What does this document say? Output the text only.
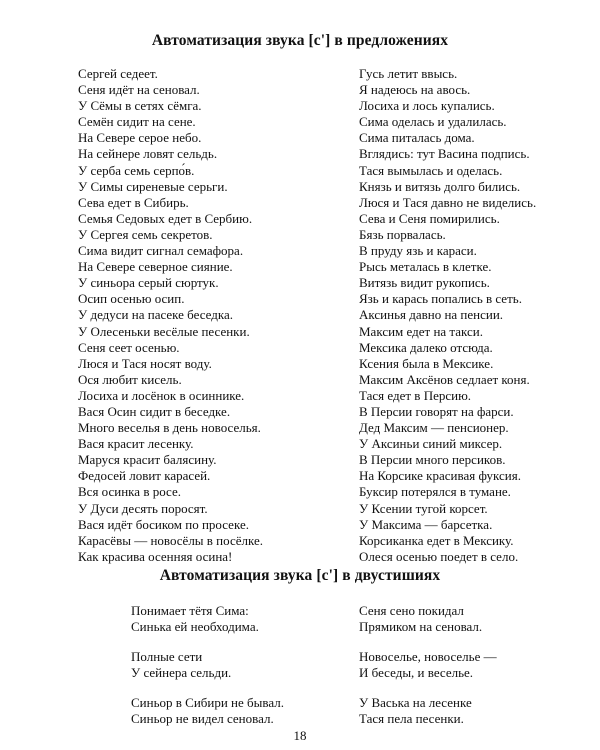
Автоматизация звука [с'] в предложениях
Сергей седеет.
Сеня идёт на сеновал.
У Сёмы в сетях сёмга.
Семён сидит на сене.
На Севере серое небо.
На сейнере ловят сельдь.
У серба семь серпо́в.
У Симы сиреневые серьги.
Сева едет в Сибирь.
Семья Седовых едет в Сербию.
У Сергея семь секретов.
Сима видит сигнал семафора.
На Севере северное сияние.
У синьора серый сюртук.
Осип осенью осип.
У дедуси на пасеке беседка.
У Олесеньки весёлые песенки.
Сеня сеет осенью.
Люся и Тася носят воду.
Ося любит кисель.
Лосиха и лосёнок в осиннике.
Вася Осин сидит в беседке.
Много веселья в день новоселья.
Вася красит лесенку.
Маруся красит балясину.
Федосей ловит карасей.
Вся осинка в росе.
У Дуси десять поросят.
Вася идёт босиком по просеке.
Карасёвы — новосёлы в посёлке.
Как красива осенняя осина!
Гусь летит ввысь.
Я надеюсь на авось.
Лосиха и лось купались.
Сима оделась и удалилась.
Сима питалась дома.
Вглядись: тут Васина подпись.
Тася вымылась и оделась.
Князь и витязь долго бились.
Люся и Тася давно не виделись.
Сева и Сеня помирились.
Бязь порвалась.
В пруду язь и караси.
Рысь металась в клетке.
Витязь видит рукопись.
Язь и карась попались в сеть.
Аксинья давно на пенсии.
Максим едет на такси.
Мексика далеко отсюда.
Ксения была в Мексике.
Максим Аксёнов седлает коня.
Тася едет в Персию.
В Персии говорят на фарси.
Дед Максим — пенсионер.
У Аксиньи синий миксер.
В Персии много персиков.
На Корсике красивая фуксия.
Буксир потерялся в тумане.
У Ксении тугой корсет.
У Максима — барсетка.
Корсиканка едет в Мексику.
Олеся осенью поедет в село.
Автоматизация звука [с'] в двустишиях
Понимает тётя Сима:
Синька ей необходима.
Полные сети
У сейнера сельди.
Синьор в Сибири не бывал.
Синьор не видел сеновал.
Сеня сено покидал
Прямиком на сеновал.
Новоселье, новоселье —
И беседы, и веселье.
У Васька на лесенке
Тася пела песенки.
18
